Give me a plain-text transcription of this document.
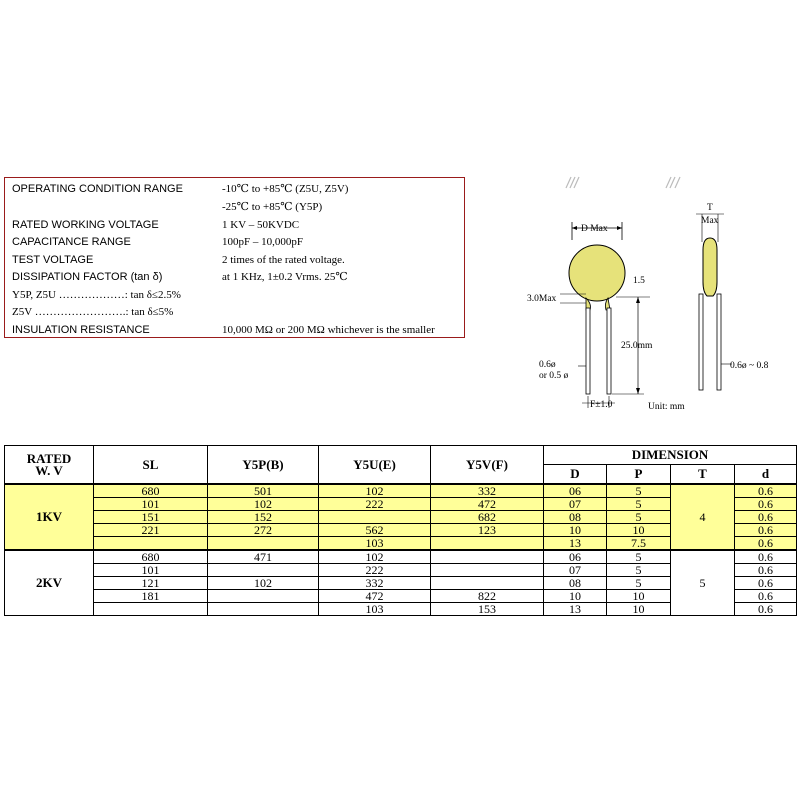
OPERATING CONDITION RANGE	-10℃ to +85℃ (Z5U, Z5V)
-25℃ to +85℃ (Y5P)
RATED WORKING VOLTAGE	1 KV – 50KVDC
CAPACITANCE RANGE	100pF – 10,000pF
TEST VOLTAGE	2 times of the rated voltage.
DISSIPATION FACTOR (tan δ)	at 1 KHz, 1±0.2 Vrms. 25℃
Y5P, Z5U ………………: tan δ≤2.5%
Z5V …………………….: tan δ≤5%
INSULATION RESISTANCE	10,000 MΩ or 200 MΩ whichever is the smaller
D Max
3.0Max
1.5
25.0mm
0.6ø
or 0.5 ø
F±1.0	Unit: mm
T
Max
0.6ø ~ 0.8
RATED
W. V	SL	Y5P(B)	Y5U(E)	Y5V(F)	DIMENSION			
					D	P	T	d
1KV	680	501	102	332	06	5	4	0.6
	101	102	222	472	07	5		0.6
	151	152		682	08	5		0.6
	221	272	562	123	10	10		0.6
			103		13	7.5		0.6
2KV	680	471	102		06	5	5	0.6
	101		222		07	5		0.6
	121	102	332		08	5		0.6
	181		472	822	10	10		0.6
			103	153	13	10		0.6
